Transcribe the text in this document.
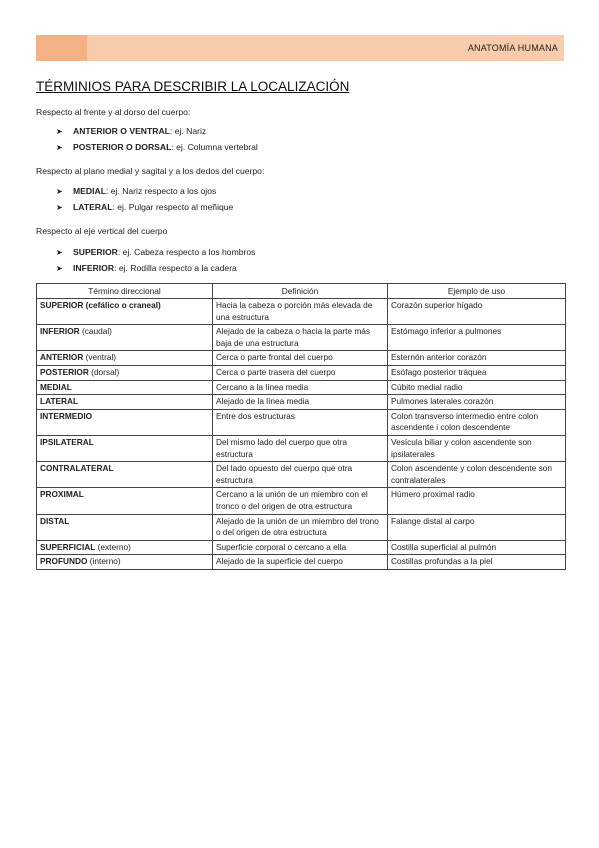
ANATOMÍA HUMANA
TÉRMINIOS PARA DESCRIBIR LA LOCALIZACIÓN
Respecto al frente y al dorso del cuerpo:
➤ ANTERIOR O VENTRAL: ej. Nariz
➤ POSTERIOR O DORSAL: ej. Columna vertebral
Respecto al plano medial y sagital y a los dedos del cuerpo:
➤ MEDIAL: ej. Nariz respecto a los ojos
➤ LATERAL: ej. Pulgar respecto al meñique
Respecto al eje vertical del cuerpo
➤ SUPERIOR: ej. Cabeza respecto a los hombros
➤ INFERIOR: ej. Rodilla respecto a la cadera
Término direccional	Definición	Ejemplo de uso
SUPERIOR (cefálico o craneal)	Hacia la cabeza o porción más elevada de una estructura	Corazón superior hígado
INFERIOR (caudal)	Alejado de la cabeza o hacia la parte más baja de una estructura	Estómago inferior a pulmones
ANTERIOR (ventral)	Cerca o parte frontal del cuerpo	Esternón anterior corazón
POSTERIOR (dorsal)	Cerca o parte trasera del cuerpo	Esófago posterior tráquea
MEDIAL	Cercano a la línea media	Cúbito medial radio
LATERAL	Alejado de la línea media	Pulmones laterales corazón
INTERMEDIO	Entre dos estructuras	Colon transverso intermedio entre colon ascendente i colon descendente
IPSILATERAL	Del mismo lado del cuerpo que otra estructura	Vesícula biliar y colon ascendente son ipsilaterales
CONTRALATERAL	Del lado opuesto del cuerpo que otra estructura	Colon ascendente y colon descendente son contralaterales
PROXIMAL	Cercano a la unión de un miembro con el tronco o del origen de otra estructura	Húmero proximal radio
DISTAL	Alejado de la unión de un miembro del trono o del origen de otra estructura	Falange distal al carpo
SUPERFICIAL (externo)	Superficie corporal o cercano a ella	Costilla superficial al pulmón
PROFUNDO (interno)	Alejado de la superficie del cuerpo	Costillas profundas a la piel
